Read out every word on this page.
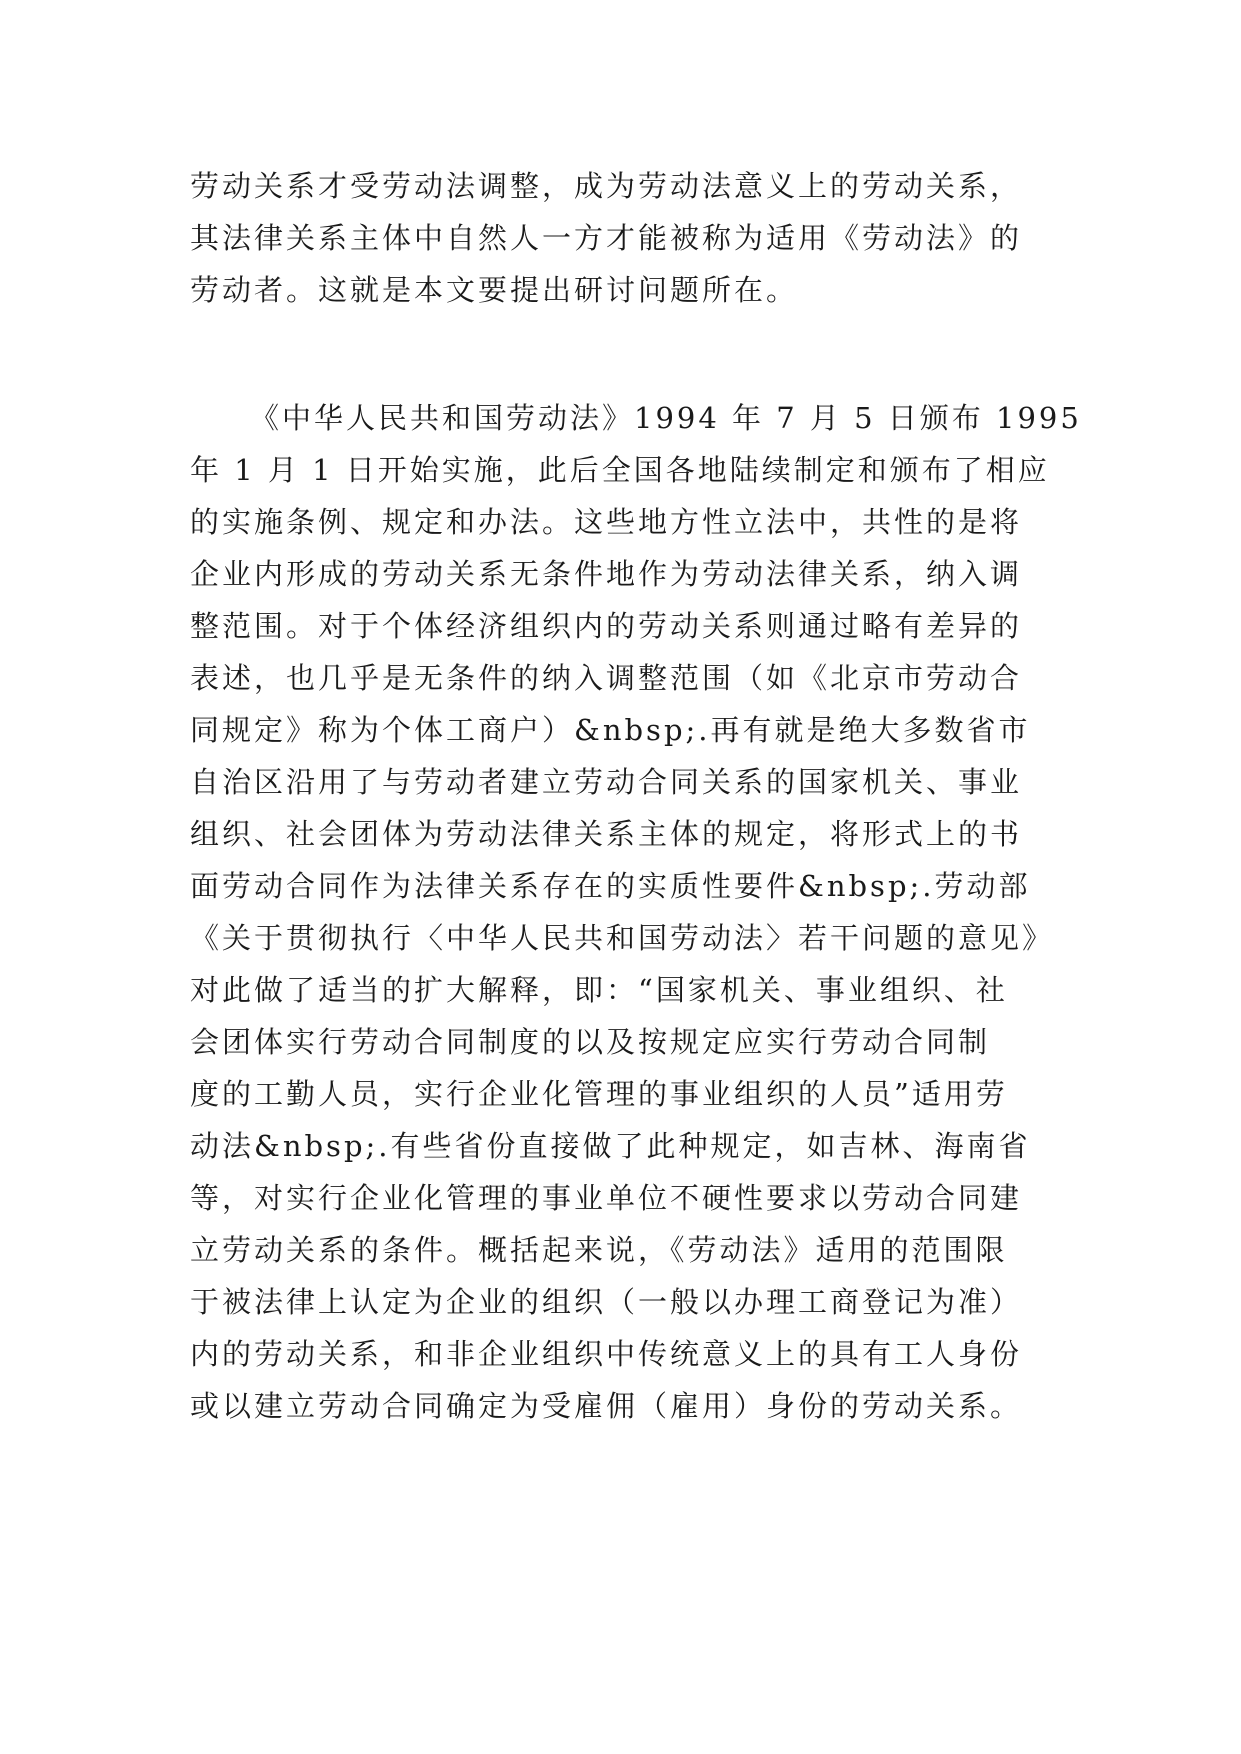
劳动关系才受劳动法调整，成为劳动法意义上的劳动关系，
其法律关系主体中自然人一方才能被称为适用《劳动法》的
劳动者。这就是本文要提出研讨问题所在。
《中华人民共和国劳动法》1994 年 7 月 5 日颁布 1995
年 1 月 1 日开始实施，此后全国各地陆续制定和颁布了相应
的实施条例、规定和办法。这些地方性立法中，共性的是将
企业内形成的劳动关系无条件地作为劳动法律关系，纳入调
整范围。对于个体经济组织内的劳动关系则通过略有差异的
表述，也几乎是无条件的纳入调整范围（如《北京市劳动合
同规定》称为个体工商户）&nbsp;.再有就是绝大多数省市
自治区沿用了与劳动者建立劳动合同关系的国家机关、事业
组织、社会团体为劳动法律关系主体的规定，将形式上的书
面劳动合同作为法律关系存在的实质性要件&nbsp;.劳动部
《关于贯彻执行〈中华人民共和国劳动法〉若干问题的意见》
对此做了适当的扩大解释，即：“国家机关、事业组织、社
会团体实行劳动合同制度的以及按规定应实行劳动合同制
度的工勤人员，实行企业化管理的事业组织的人员”适用劳
动法&nbsp;.有些省份直接做了此种规定，如吉林、海南省
等，对实行企业化管理的事业单位不硬性要求以劳动合同建
立劳动关系的条件。概括起来说，《劳动法》适用的范围限
于被法律上认定为企业的组织（一般以办理工商登记为准）
内的劳动关系，和非企业组织中传统意义上的具有工人身份
或以建立劳动合同确定为受雇佣（雇用）身份的劳动关系。
